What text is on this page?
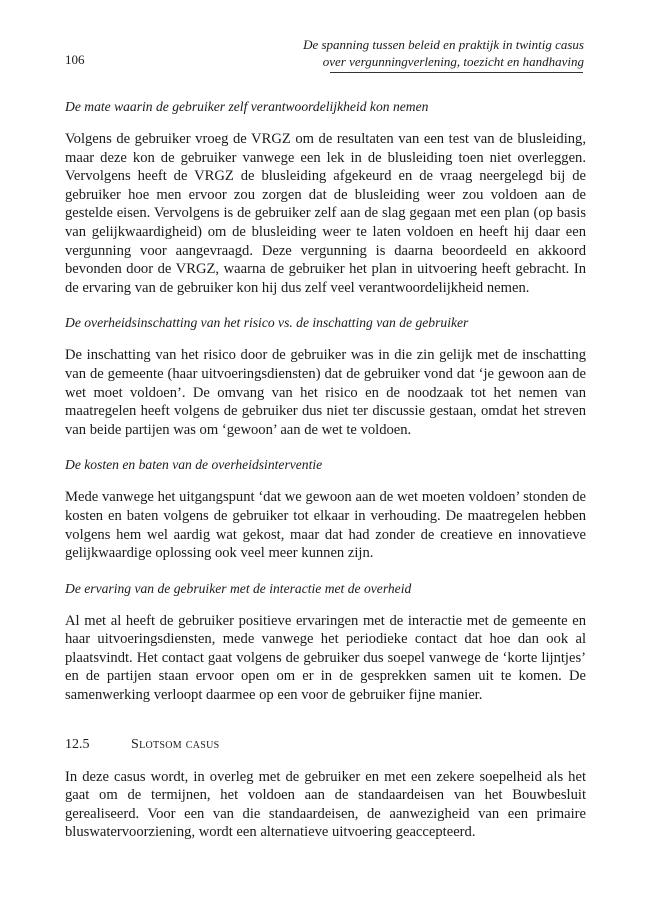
106
De spanning tussen beleid en praktijk in twintig casus
over vergunningverlening, toezicht en handhaving

De mate waarin de gebruiker zelf verantwoordelijkheid kon nemen

Volgens de gebruiker vroeg de VRGZ om de resultaten van een test van de blusleiding, maar deze kon de gebruiker vanwege een lek in de blusleiding toen niet overleggen. Vervolgens heeft de VRGZ de blusleiding afgekeurd en de vraag neergelegd bij de gebruiker hoe men ervoor zou zorgen dat de blusleiding weer zou voldoen aan de gestelde eisen. Vervolgens is de gebruiker zelf aan de slag gegaan met een plan (op basis van gelijkwaardigheid) om de blusleiding weer te laten voldoen en heeft hij daar een vergunning voor aangevraagd. Deze vergunning is daarna beoordeeld en akkoord bevonden door de VRGZ, waarna de gebruiker het plan in uitvoering heeft gebracht. In de ervaring van de gebruiker kon hij dus zelf veel verantwoordelijkheid nemen.

De overheidsinschatting van het risico vs. de inschatting van de gebruiker

De inschatting van het risico door de gebruiker was in die zin gelijk met de inschatting van de gemeente (haar uitvoeringsdiensten) dat de gebruiker vond dat ‘je gewoon aan de wet moet voldoen’. De omvang van het risico en de noodzaak tot het nemen van maatregelen heeft volgens de gebruiker dus niet ter discussie gestaan, omdat het streven van beide partijen was om ‘gewoon’ aan de wet te voldoen.

De kosten en baten van de overheidsinterventie

Mede vanwege het uitgangspunt ‘dat we gewoon aan de wet moeten voldoen’ stonden de kosten en baten volgens de gebruiker tot elkaar in verhouding. De maatregelen hebben volgens hem wel aardig wat gekost, maar dat had zonder de creatieve en innovatieve gelijkwaardige oplossing ook veel meer kunnen zijn.

De ervaring van de gebruiker met de interactie met de overheid

Al met al heeft de gebruiker positieve ervaringen met de interactie met de gemeente en haar uitvoeringsdiensten, mede vanwege het periodieke contact dat hoe dan ook al plaatsvindt. Het contact gaat volgens de gebruiker dus soepel vanwege de ‘korte lijntjes’ en de partijen staan ervoor open om er in de gesprekken samen uit te komen. De samenwerking verloopt daarmee op een voor de gebruiker fijne manier.

12.5	Slotsom casus

In deze casus wordt, in overleg met de gebruiker en met een zekere soepelheid als het gaat om de termijnen, het voldoen aan de standaardeisen van het Bouwbesluit gerealiseerd. Voor een van die standaardeisen, de aanwezigheid van een primaire bluswatervoorziening, wordt een alternatieve uitvoering geaccepteerd.
